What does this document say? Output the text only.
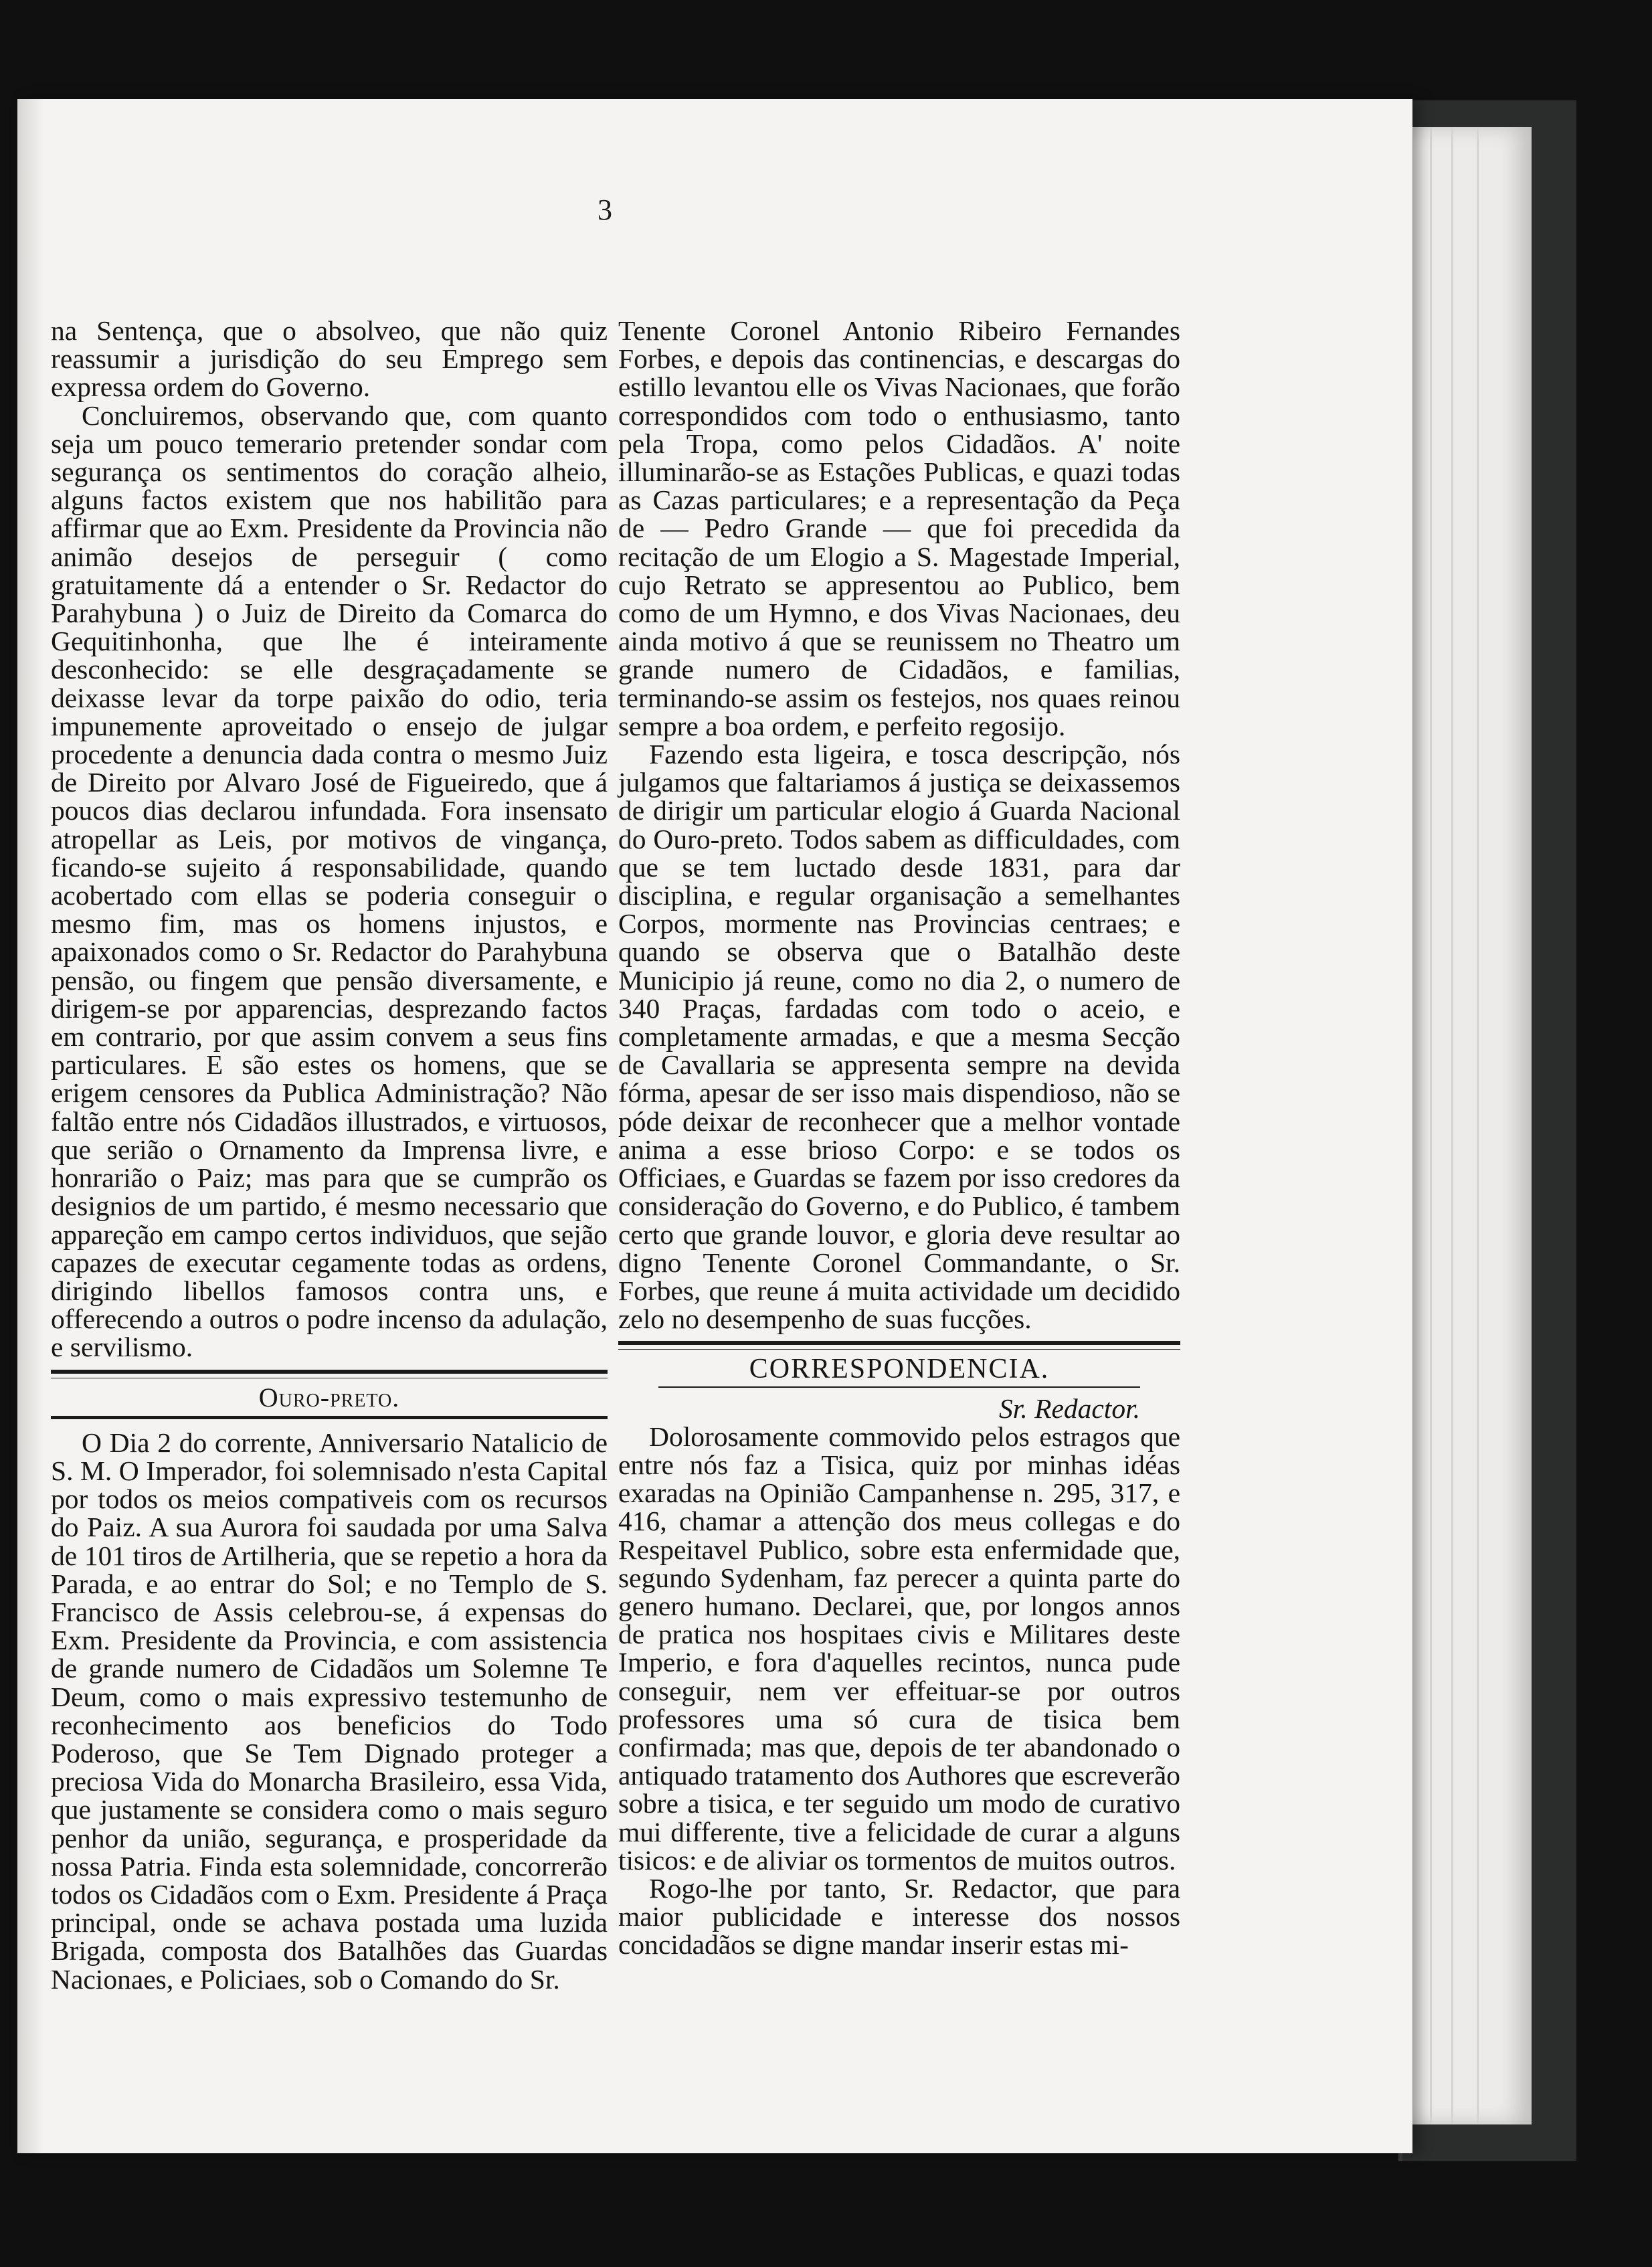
3

na Sentença, que o absolveo, que não quiz reassumir a jurisdição do seu Emprego sem expressa ordem do Governo.

Concluiremos, observando que, com quanto seja um pouco temerario pretender sondar com segurança os sentimentos do coração alheio, alguns factos existem que nos habilitão para affirmar que ao Exm. Presidente da Provincia não animão desejos de perseguir ( como gratuitamente dá a entender o Sr. Redactor do Parahybuna ) o Juiz de Direito da Comarca do Gequitinhonha, que lhe é inteiramente desconhecido: se elle desgraçadamente se deixasse levar da torpe paixão do odio, teria impunemente aproveitado o ensejo de julgar procedente a denuncia dada contra o mesmo Juiz de Direito por Alvaro José de Figueiredo, que á poucos dias declarou infundada. Fora insensato atropellar as Leis, por motivos de vingança, ficando-se sujeito á responsabilidade, quando acobertado com ellas se poderia conseguir o mesmo fim, mas os homens injustos, e apaixonados como o Sr. Redactor do Parahybuna pensão, ou fingem que pensão diversamente, e dirigem-se por apparencias, desprezando factos em contrario, por que assim convem a seus fins particulares. E são estes os homens, que se erigem censores da Publica Administração? Não faltão entre nós Cidadãos illustrados, e virtuosos, que serião o Ornamento da Imprensa livre, e honrarião o Paiz; mas para que se cumprão os designios de um partido, é mesmo necessario que appareção em campo certos individuos, que sejão capazes de executar cegamente todas as ordens, dirigindo libellos famosos contra uns, e offerecendo a outros o podre incenso da adulação, e servilismo.

Ouro-preto.

O Dia 2 do corrente, Anniversario Natalicio de S. M. O Imperador, foi solemnisado n'esta Capital por todos os meios compativeis com os recursos do Paiz. A sua Aurora foi saudada por uma Salva de 101 tiros de Artilheria, que se repetio a hora da Parada, e ao entrar do Sol; e no Templo de S. Francisco de Assis celebrou-se, á expensas do Exm. Presidente da Provincia, e com assistencia de grande numero de Cidadãos um Solemne Te Deum, como o mais expressivo testemunho de reconhecimento aos beneficios do Todo Poderoso, que Se Tem Dignado proteger a preciosa Vida do Monarcha Brasileiro, essa Vida, que justamente se considera como o mais seguro penhor da união, segurança, e prosperidade da nossa Patria. Finda esta solemnidade, concorrerão todos os Cidadãos com o Exm. Presidente á Praça principal, onde se achava postada uma luzida Brigada, composta dos Batalhões das Guardas Nacionaes, e Policiaes, sob o Comando do Sr.

Tenente Coronel Antonio Ribeiro Fernandes Forbes, e depois das continencias, e descargas do estillo levantou elle os Vivas Nacionaes, que forão correspondidos com todo o enthusiasmo, tanto pela Tropa, como pelos Cidadãos. A' noite illuminarão-se as Estações Publicas, e quazi todas as Cazas particulares; e a representação da Peça de — Pedro Grande — que foi precedida da recitação de um Elogio a S. Magestade Imperial, cujo Retrato se appresentou ao Publico, bem como de um Hymno, e dos Vivas Nacionaes, deu ainda motivo á que se reunissem no Theatro um grande numero de Cidadãos, e familias, terminando-se assim os festejos, nos quaes reinou sempre a boa ordem, e perfeito regosijo.

Fazendo esta ligeira, e tosca descripção, nós julgamos que faltariamos á justiça se deixassemos de dirigir um particular elogio á Guarda Nacional do Ouro-preto. Todos sabem as difficuldades, com que se tem luctado desde 1831, para dar disciplina, e regular organisação a semelhantes Corpos, mormente nas Provincias centraes; e quando se observa que o Batalhão deste Municipio já reune, como no dia 2, o numero de 340 Praças, fardadas com todo o aceio, e completamente armadas, e que a mesma Secção de Cavallaria se appresenta sempre na devida fórma, apesar de ser isso mais dispendioso, não se póde deixar de reconhecer que a melhor vontade anima a esse brioso Corpo: e se todos os Officiaes, e Guardas se fazem por isso credores da consideração do Governo, e do Publico, é tambem certo que grande louvor, e gloria deve resultar ao digno Tenente Coronel Commandante, o Sr. Forbes, que reune á muita actividade um decidido zelo no desempenho de suas fucções.

CORRESPONDENCIA.

Sr. Redactor.

Dolorosamente commovido pelos estragos que entre nós faz a Tisica, quiz por minhas idéas exaradas na Opinião Campanhense n. 295, 317, e 416, chamar a attenção dos meus collegas e do Respeitavel Publico, sobre esta enfermidade que, segundo Sydenham, faz perecer a quinta parte do genero humano. Declarei, que, por longos annos de pratica nos hospitaes civis e Militares deste Imperio, e fora d'aquelles recintos, nunca pude conseguir, nem ver effeituar-se por outros professores uma só cura de tisica bem confirmada; mas que, depois de ter abandonado o antiquado tratamento dos Authores que escreverão sobre a tisica, e ter seguido um modo de curativo mui differente, tive a felicidade de curar a alguns tisicos: e de aliviar os tormentos de muitos outros.

Rogo-lhe por tanto, Sr. Redactor, que para maior publicidade e interesse dos nossos concidadãos se digne mandar inserir estas mi-
